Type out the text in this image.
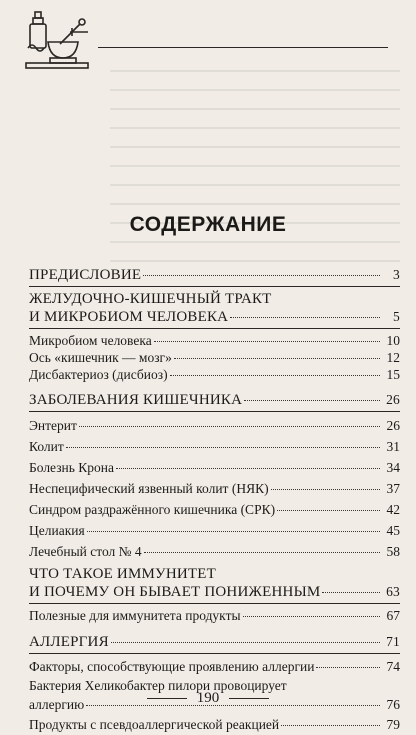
СОДЕРЖАНИЕ
ПРЕДИСЛОВИЕ	3
ЖЕЛУДОЧНО-КИШЕЧНЫЙ ТРАКТ
И МИКРОБИОМ ЧЕЛОВЕКА	5
Микробиом человека	10
Ось «кишечник — мозг»	12
Дисбактериоз (дисбиоз)	15
ЗАБОЛЕВАНИЯ КИШЕЧНИКА	26
Энтерит	26
Колит	31
Болезнь Крона	34
Неспецифический язвенный колит (НЯК)	37
Синдром раздражённого кишечника (СРК)	42
Целиакия	45
Лечебный стол № 4	58
ЧТО ТАКОЕ ИММУНИТЕТ
И ПОЧЕМУ ОН БЫВАЕТ ПОНИЖЕННЫМ	63
Полезные для иммунитета продукты	67
АЛЛЕРГИЯ	71
Факторы, способствующие проявлению аллергии	74
Бактерия Хеликобактер пилори провоцирует
аллергию	76
Продукты с псевдоаллергической реакцией	79
190
